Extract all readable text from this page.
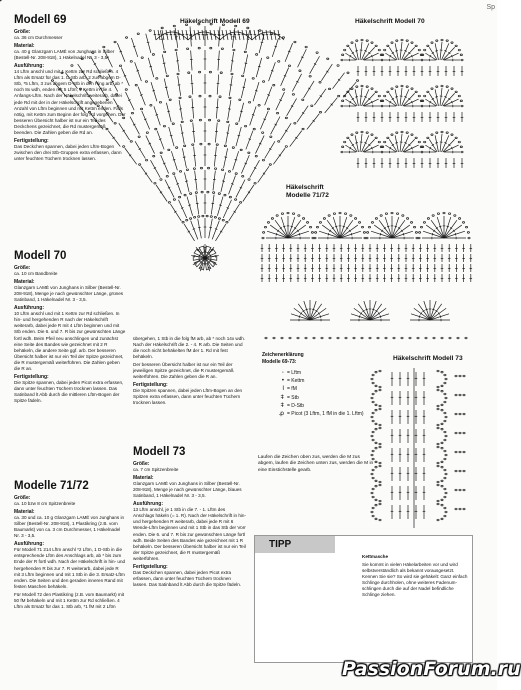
Sp
Modell 69
Größe:

ca. 36 cm Durchmesser

Material:

ca. 40 g Glanzgarn LAMÉ von Junghans in Silber (Bestell-Nr. 208-918), 1 Häkelnadel Nr. 3 - 3,5.

Ausführung:

14 Lftm anschl und mit 1 Kettm zur Rd schließen. 4 Lftm als Ersatz für das 1. D-Stb arb, 2 zus abgem D-Stb, *5 Lftm, 3 zus abgem D-Stb in den Ring arb, ab * noch 8x wdh, enden mit 5 Lftm, 1 Kettm in die 4. Anfangs-Lftm. Nach der Häkelschrift weiterarb, dabei jede Rd mit der in der Häkelschrift angegebenen Anzahl von Lftm beginnen und mit Kettm enden. Falls nötig, mit Kettm zum Beginn der folg Rd vorgehen. Der besseren Übersicht halber ist nur ein Teil des Deckchens gezeichnet, die Rd mustergemäß beenden. Die Zahlen geben die Rd an.

Fertigstellung:

Das Deckchen spannen, dabei jeden Lftm-Bogen zwischen den drei Stb-Gruppen extra erfassen, dann unter feuchten Tüchern trocknen lassen.

Modell 70
Größe:

ca. 10 cm Bandbreite

Material:

Glanzgarn LAMÉ von Junghans in Silber (Bestell-Nr. 208-918), Menge je nach gewünschter Länge, grünes Satinband, 1 Häkelnadel Nr. 3 - 3,5.

Ausführung:

10 Lftm anschl und mit 1 Kettm zur Rd schließen. In hin- und hergehenden R nach der Häkelschrift weiterarb, dabei jede R mit 4 Lftm beginnen und mit Stb enden. Die 6. und 7. R bis zur gewünschten Länge fortl wdh. Beim Pfeil neu anschlingen und zunächst eine Seite des Bandes wie gezeichnet mit 2 R behäkeln, die andere Seite ggf. arb. Der besseren Übersicht halber ist nur ein Teil der Spitze gezeichnet, die R mustergemäß weiterführen. Die Zahlen geben die R an.

Fertigstellung:

Die Spitze spannen, dabei jeden Picot extra erfassen, dann unter feuchten Tüchern trocknen lassen. Das Satinband lt Abb durch die mittleren Lftm-Bogen der Spitze fädeln.

Modelle 71/72
Größe:

ca. 10 bzw 8 cm Spitzenbreite

Material:

ca. 30 und ca. 10 g Glanzgarn LAMÉ von Junghans in Silber (Bestell-Nr. 208-918), 1 Plastikring (z.B. vom Baumarkt) von ca. 3 cm Durchmesser, 1 Häkelnadel Nr. 3 - 3,5.

Ausführung:

Für Modell 71 214 Lftm anschl *2 Lftm, 1 D-Stb in die entsprechende Lftm des Anschlags arb, ab * bis zum Ende der R fortl wdh. Nach der Häkelschrift in hin- und hergehenden R bis zur 7. R weiterarb, dabei jede R mit 3 Lftm beginnen und mit 1 Stb in die 3. Ersatz-Lftm enden. Die Seiten und den geraden inneren Rand mit festen Maschen behäkeln.

Für Modell 72 den Plastikring (z.B. vom Baumarkt) mit 50 fM behäkeln und mit 1 Kettm zur Rd schließen. 4 Lftm als Ersatz für das 1. Stb arb, *1 fM mit 2 Lftm

übergehen, 1 Stb in die folg fM arb, ab * noch 14x wdh. Nach der Häkelschrift die 2. - 4. R arb. Die Seiten und die noch nicht behäkelten fM der 1. Rd mit fest behäkeln.

Der besseren Übersicht halber ist nur ein Teil der jeweiligen Spitze gezeichnet, die R mustergemäß weiterführen. Die Zahlen geben die R an.

Fertigstellung:

Die Spitzen spannen, dabei jeden Lftm-Bogen an den Spitzen extra erfassen, dann unter feuchten Tüchern trocknen lassen.

Modell 73
Größe:

ca. 7 cm Spitzenbreite

Material:

Glanzgarn LAMÉ von Junghans in Silber (Bestell-Nr. 208-918), Menge je nach gewünschter Länge, blaues Satinband, 1 Häkelnadel Nr. 3 - 3,5.

Ausführung:

13 Lftm anschl, je 1 Stb in die 7. - 1. Lftm des Anschlags häkeln (= 1. R). Nach der Häkelschrift in hin- und hergehenden R weiterarb, dabei jede R mit 6 Wende-Lftm beginnen und mit 1 Stb in das Stb der Vorr enden. Die 6. und 7. R bis zur gewünschten Länge fortl wdh. Beide Seiten des Bandes wie gezeichnet mit 1 R behäkeln. Der besseren Übersicht halber ist nur ein Teil der Spitze gezeichnet, die R mustergemäß weiterführen.

Fertigstellung:

Das Deckchen spannen, dabei jeden Picot extra erfassen, dann unter feuchten Tüchern trocknen lassen. Das Satinband lt Abb durch die Spitze fädeln.

Häkelschrift Modell 69	Häkelschrift Modell 70
Häkelschrift
Modelle 71/72
Häkelschrift Modell 73
Zeichenerklärung
Modelle 69-73:
◦ = Lftm
• = Kettm
I = fM
ǂ = Stb
ǂ = D-Stb
ꝓ = Picot (3 Lftm, 1 fM in die 1. Lftm)
Laufen die Zeichen oben zus, werden die M zus abgem, laufen die Zeichen unten zus, werden die M in eine Einstichstelle gearb.
TIPP
Kettmasche
Sie kommt in vielen Häkelarbeiten vor und wird selbstverständlich als bekannt vorausgesetzt. Kennen Sie sie? So wird sie gehäkelt: Ganz einfach Schlinge durchholen, ohne weiteres Fadenum-schlingen durch die auf der Nadel befindliche Schlinge ziehen.
PassionForum.ru
